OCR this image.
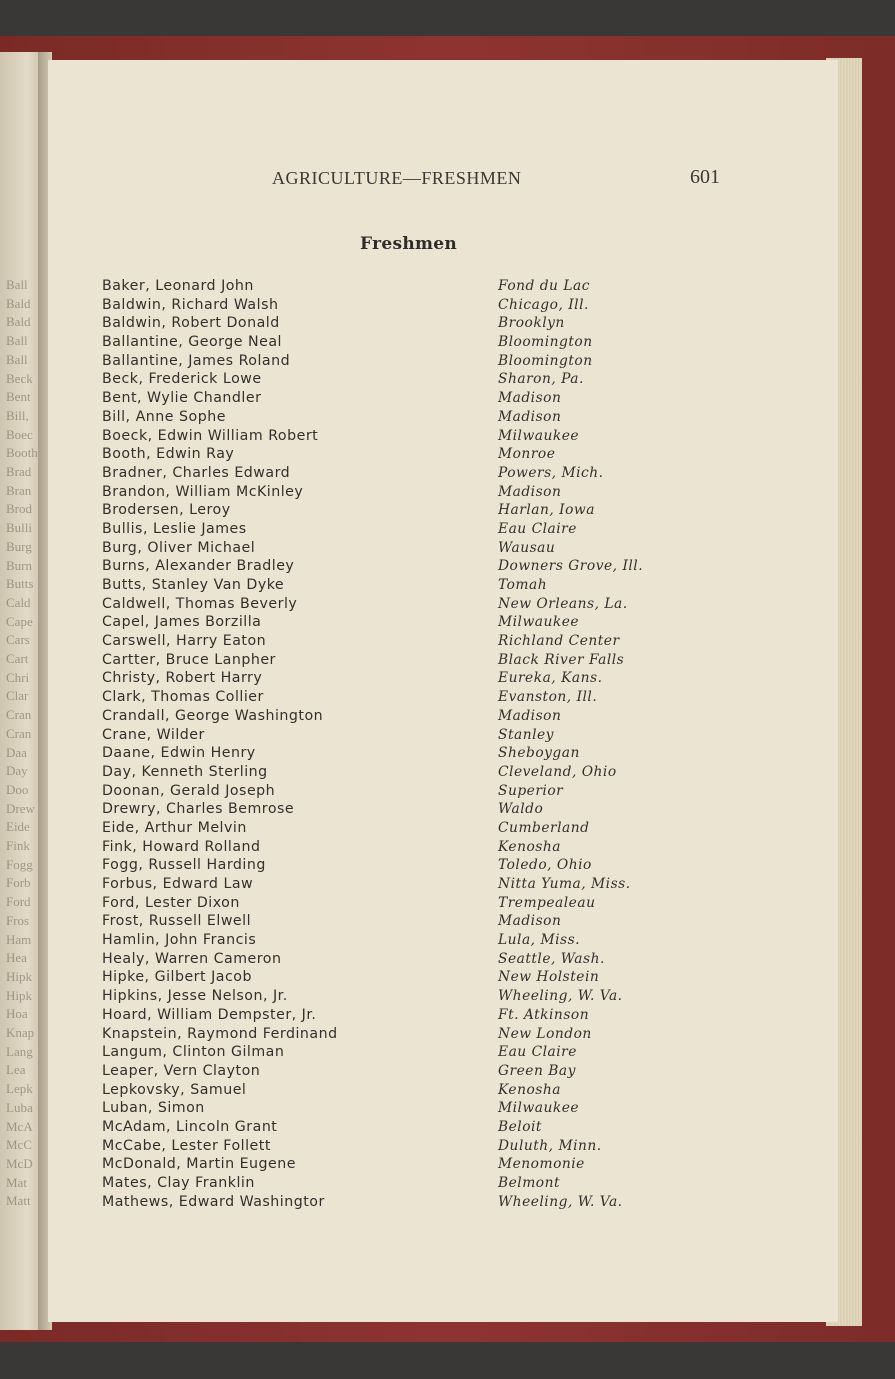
Ball
Bald
Bald
Ball
Ball
Beck
Bent
Bill,
Boec
Booth
Brad
Bran
Brod
Bulli
Burg
Burn
Butts
Cald
Cape
Cars
Cart
Chri
Clar
Cran
Cran
Daa
Day
Doo
Drew
Eide
Fink
Fogg
Forb
Ford
Fros
Ham
Hea
Hipk
Hipk
Hoa
Knap
Lang
Lea
Lepk
Luba
McA
McC
McD
Mat
Matt
AGRICULTURE—FRESHMEN	601
Freshmen
Baker, Leonard John	Fond du Lac
Baldwin, Richard Walsh	Chicago, Ill.
Baldwin, Robert Donald	Brooklyn
Ballantine, George Neal	Bloomington
Ballantine, James Roland	Bloomington
Beck, Frederick Lowe	Sharon, Pa.
Bent, Wylie Chandler	Madison
Bill, Anne Sophe	Madison
Boeck, Edwin William Robert	Milwaukee
Booth, Edwin Ray	Monroe
Bradner, Charles Edward	Powers, Mich.
Brandon, William McKinley	Madison
Brodersen, Leroy	Harlan, Iowa
Bullis, Leslie James	Eau Claire
Burg, Oliver Michael	Wausau
Burns, Alexander Bradley	Downers Grove, Ill.
Butts, Stanley Van Dyke	Tomah
Caldwell, Thomas Beverly	New Orleans, La.
Capel, James Borzilla	Milwaukee
Carswell, Harry Eaton	Richland Center
Cartter, Bruce Lanpher	Black River Falls
Christy, Robert Harry	Eureka, Kans.
Clark, Thomas Collier	Evanston, Ill.
Crandall, George Washington	Madison
Crane, Wilder	Stanley
Daane, Edwin Henry	Sheboygan
Day, Kenneth Sterling	Cleveland, Ohio
Doonan, Gerald Joseph	Superior
Drewry, Charles Bemrose	Waldo
Eide, Arthur Melvin	Cumberland
Fink, Howard Rolland	Kenosha
Fogg, Russell Harding	Toledo, Ohio
Forbus, Edward Law	Nitta Yuma, Miss.
Ford, Lester Dixon	Trempealeau
Frost, Russell Elwell	Madison
Hamlin, John Francis	Lula, Miss.
Healy, Warren Cameron	Seattle, Wash.
Hipke, Gilbert Jacob	New Holstein
Hipkins, Jesse Nelson, Jr.	Wheeling, W. Va.
Hoard, William Dempster, Jr.	Ft. Atkinson
Knapstein, Raymond Ferdinand	New London
Langum, Clinton Gilman	Eau Claire
Leaper, Vern Clayton	Green Bay
Lepkovsky, Samuel	Kenosha
Luban, Simon	Milwaukee
McAdam, Lincoln Grant	Beloit
McCabe, Lester Follett	Duluth, Minn.
McDonald, Martin Eugene	Menomonie
Mates, Clay Franklin	Belmont
Mathews, Edward Washingtor	Wheeling, W. Va.
